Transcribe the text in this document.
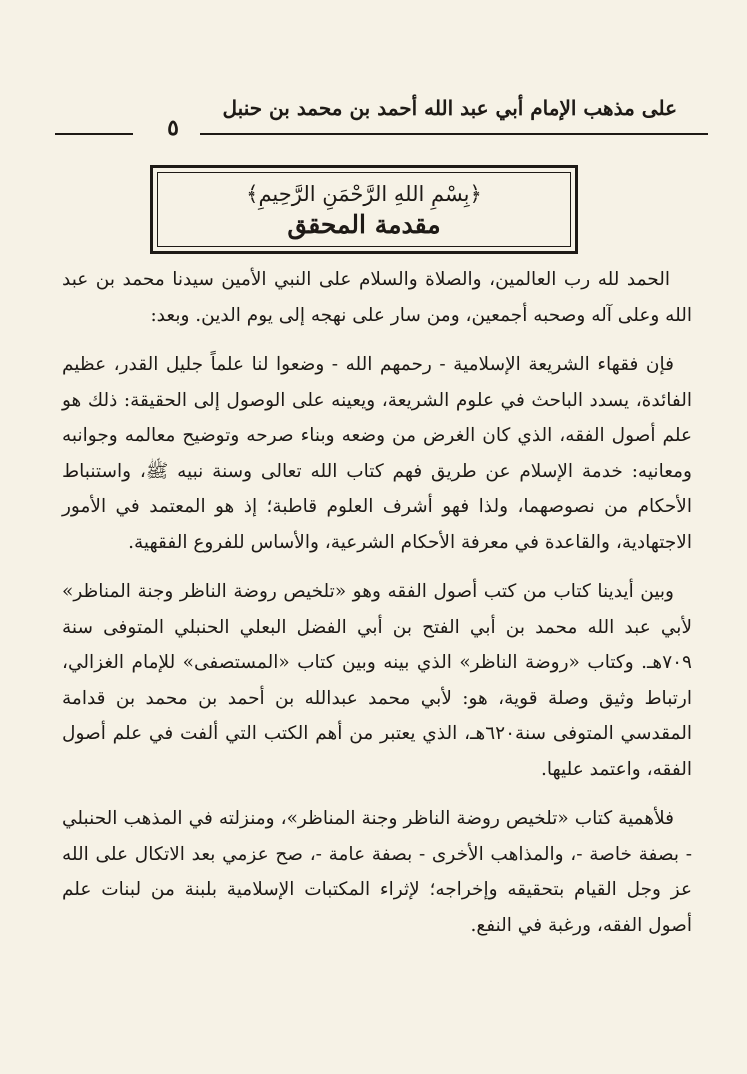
على مذهب الإمام أبي عبد الله أحمد بن محمد بن حنبل
٥
﴿بِسْمِ اللهِ الرَّحْمَنِ الرَّحِيمِ﴾
مقدمة المحقق

الحمد لله رب العالمين، والصلاة والسلام على النبي الأمين سيدنا محمد بن عبد الله وعلى آله وصحبه أجمعين، ومن سار على نهجه إلى يوم الدين. وبعد:

فإن فقهاء الشريعة الإسلامية - رحمهم الله - وضعوا لنا علماً جليل القدر، عظيم الفائدة، يسدد الباحث في علوم الشريعة، ويعينه على الوصول إلى الحقيقة: ذلك هو علم أصول الفقه، الذي كان الغرض من وضعه وبناء صرحه وتوضيح معالمه وجوانبه ومعانيه: خدمة الإسلام عن طريق فهم كتاب الله تعالى وسنة نبيه ﷺ، واستنباط الأحكام من نصوصهما، ولذا فهو أشرف العلوم قاطبة؛ إذ هو المعتمد في الأمور الاجتهادية، والقاعدة في معرفة الأحكام الشرعية، والأساس للفروع الفقهية.

وبين أيدينا كتاب من كتب أصول الفقه وهو «تلخيص روضة الناظر وجنة المناظر» لأبي عبد الله محمد بن أبي الفتح بن أبي الفضل البعلي الحنبلي المتوفى سنة ٧٠٩هـ. وكتاب «روضة الناظر» الذي بينه وبين كتاب «المستصفى» للإمام الغزالي، ارتباط وثيق وصلة قوية، هو: لأبي محمد عبدالله بن أحمد بن محمد بن قدامة المقدسي المتوفى سنة٦٢٠هـ، الذي يعتبر من أهم الكتب التي ألفت في علم أصول الفقه، واعتمد عليها.

فلأهمية كتاب «تلخيص روضة الناظر وجنة المناظر»، ومنزلته في المذهب الحنبلي - بصفة خاصة -، والمذاهب الأخرى - بصفة عامة -، صح عزمي بعد الاتكال على الله عز وجل القيام بتحقيقه وإخراجه؛ لإثراء المكتبات الإسلامية بلبنة من لبنات علم أصول الفقه، ورغبة في النفع.
